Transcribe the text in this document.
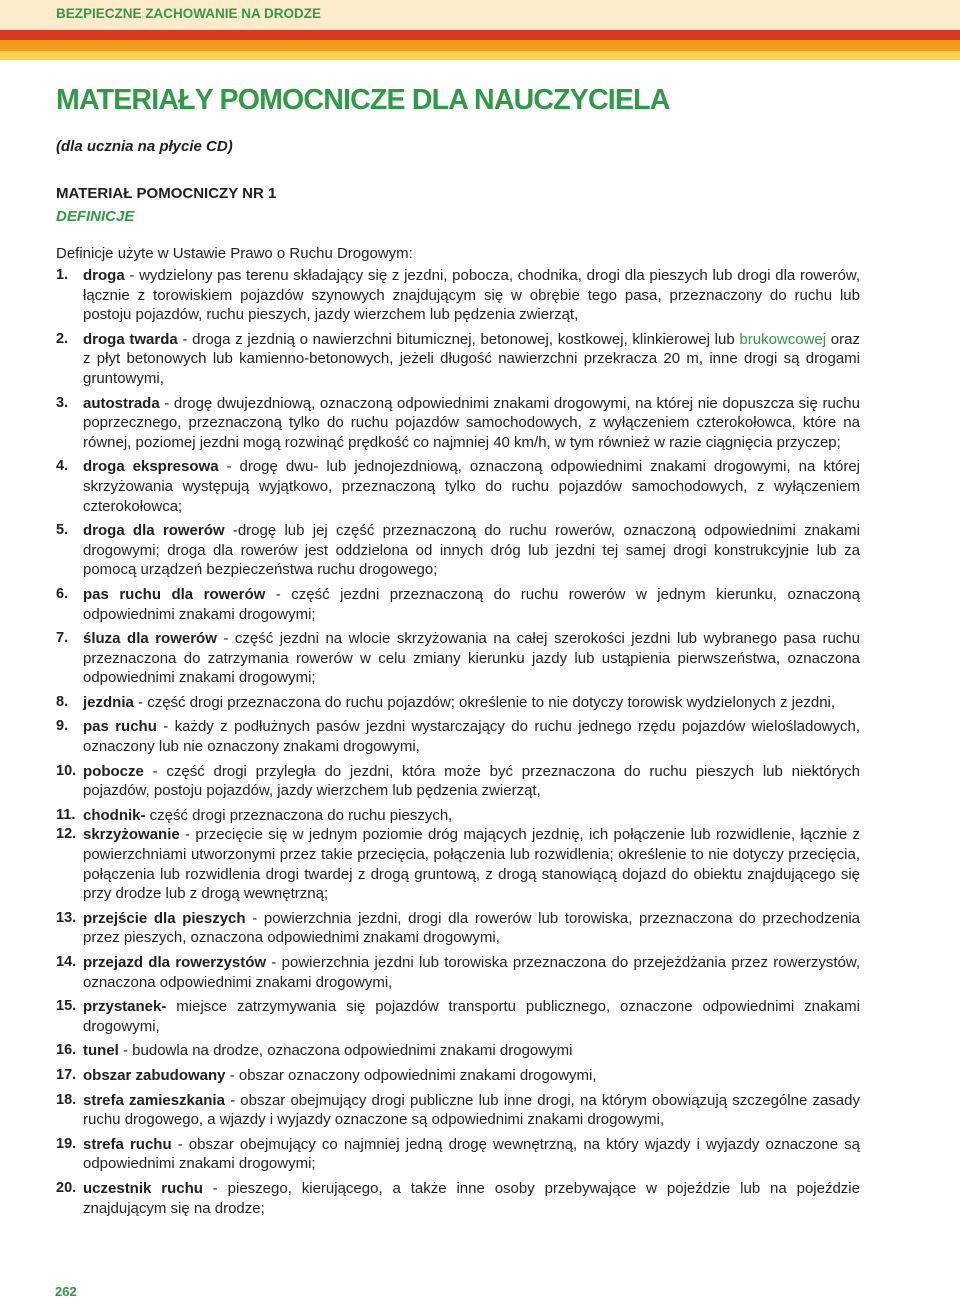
BEZPIECZNE ZACHOWANIE NA DRODZE
MATERIAŁY POMOCNICZE DLA NAUCZYCIELA
(dla ucznia na płycie CD)
MATERIAŁ POMOCNICZY NR 1
DEFINICJE
Definicje użyte w Ustawie Prawo o Ruchu Drogowym:
1. droga - wydzielony pas terenu składający się z jezdni, pobocza, chodnika, drogi dla pieszych lub drogi dla rowerów, łącznie z torowiskiem pojazdów szynowych znajdującym się w obrębie tego pasa, przeznaczony do ruchu lub postoju pojazdów, ruchu pieszych, jazdy wierzchem lub pędzenia zwierząt,
2. droga twarda - droga z jezdnią o nawierzchni bitumicznej, betonowej, kostkowej, klinkierowej lub brukowcowej oraz z płyt betonowych lub kamienno-betonowych, jeżeli długość nawierzchni przekracza 20 m, inne drogi są drogami gruntowymi,
3. autostrada - drogę dwujezdniową, oznaczoną odpowiednimi znakami drogowymi, na której nie dopuszcza się ruchu poprzecznego, przeznaczoną tylko do ruchu pojazdów samochodowych, z wyłączeniem czterokołowca, które na równej, poziomej jezdni mogą rozwinąć prędkość co najmniej 40 km/h, w tym również w razie ciągnięcia przyczep;
4. droga ekspresowa - drogę dwu- lub jednojezdniową, oznaczoną odpowiednimi znakami drogowymi, na której skrzyżowania występują wyjątkowo, przeznaczoną tylko do ruchu pojazdów samochodowych, z wyłączeniem czterokołowca;
5. droga dla rowerów -drogę lub jej część przeznaczoną do ruchu rowerów, oznaczoną odpowiednimi znakami drogowymi; droga dla rowerów jest oddzielona od innych dróg lub jezdni tej samej drogi konstrukcyjnie lub za pomocą urządzeń bezpieczeństwa ruchu drogowego;
6. pas ruchu dla rowerów - część jezdni przeznaczoną do ruchu rowerów w jednym kierunku, oznaczoną odpowiednimi znakami drogowymi;
7. śluza dla rowerów - część jezdni na wlocie skrzyżowania na całej szerokości jezdni lub wybranego pasa ruchu przeznaczona do zatrzymania rowerów w celu zmiany kierunku jazdy lub ustąpienia pierwszeństwa, oznaczona odpowiednimi znakami drogowymi;
8. jezdnia - część drogi przeznaczona do ruchu pojazdów; określenie to nie dotyczy torowisk wydzielonych z jezdni,
9. pas ruchu - każdy z podłużnych pasów jezdni wystarczający do ruchu jednego rzędu pojazdów wielośladowych, oznaczony lub nie oznaczony znakami drogowymi,
10. pobocze - część drogi przyległa do jezdni, która może być przeznaczona do ruchu pieszych lub niektórych pojazdów, postoju pojazdów, jazdy wierzchem lub pędzenia zwierząt,
11. chodnik- część drogi przeznaczona do ruchu pieszych,
12. skrzyżowanie - przecięcie się w jednym poziomie dróg mających jezdnię, ich połączenie lub rozwidlenie, łącznie z powierzchniami utworzonymi przez takie przecięcia, połączenia lub rozwidlenia; określenie to nie dotyczy przecięcia, połączenia lub rozwidlenia drogi twardej z drogą gruntową, z drogą stanowiącą dojazd do obiektu znajdującego się przy drodze lub z drogą wewnętrzną;
13. przejście dla pieszych - powierzchnia jezdni, drogi dla rowerów lub torowiska, przeznaczona do przechodzenia przez pieszych, oznaczona odpowiednimi znakami drogowymi,
14. przejazd dla rowerzystów - powierzchnia jezdni lub torowiska przeznaczona do przejeżdżania przez rowerzystów, oznaczona odpowiednimi znakami drogowymi,
15. przystanek- miejsce zatrzymywania się pojazdów transportu publicznego, oznaczone odpowiednimi znakami drogowymi,
16. tunel - budowla na drodze, oznaczona odpowiednimi znakami drogowymi
17. obszar zabudowany - obszar oznaczony odpowiednimi znakami drogowymi,
18. strefa zamieszkania - obszar obejmujący drogi publiczne lub inne drogi, na którym obowiązują szczególne zasady ruchu drogowego, a wjazdy i wyjazdy oznaczone są odpowiednimi znakami drogowymi,
19. strefa ruchu - obszar obejmujący co najmniej jedną drogę wewnętrzną, na który wjazdy i wyjazdy oznaczone są odpowiednimi znakami drogowymi;
20. uczestnik ruchu - pieszego, kierującego, a także inne osoby przebywające w pojeździe lub na pojeździe znajdującym się na drodze;
262
